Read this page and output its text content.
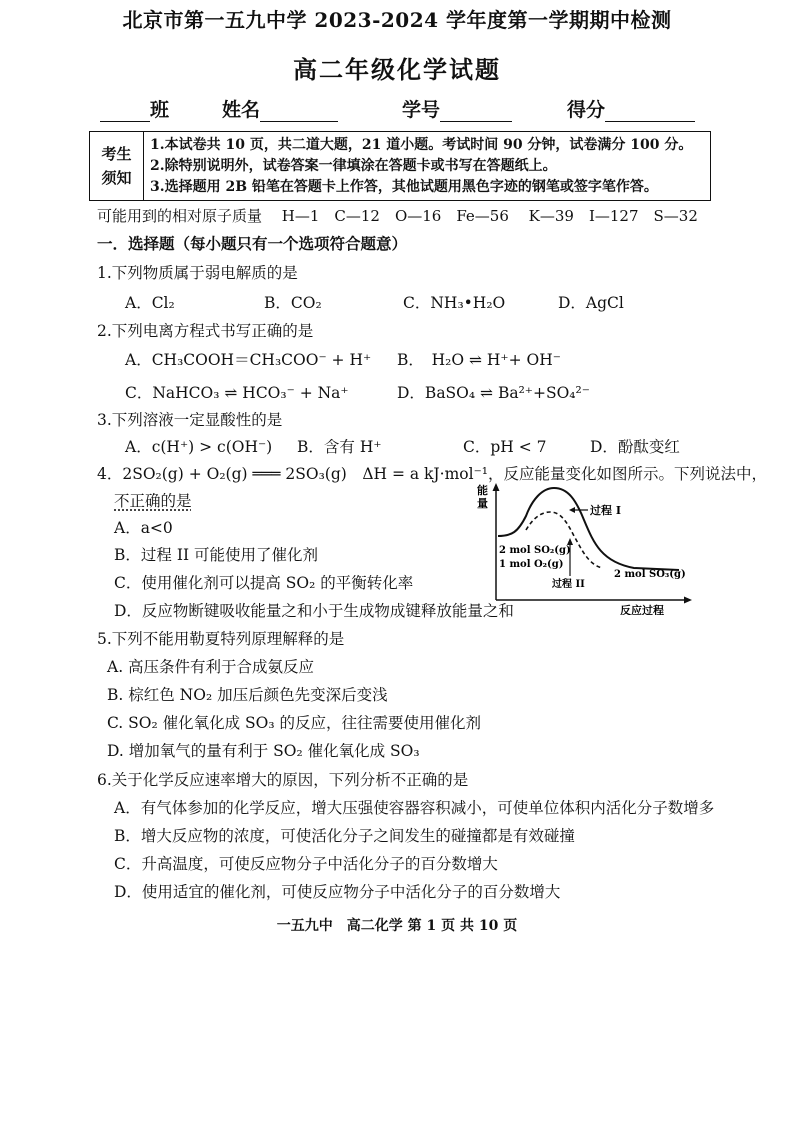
北京市第一五九中学 2023-2024 学年度第一学期期中检测
高二年级化学试题
班	姓名	学号	得分
考生
须知
1.本试卷共 10 页，共二道大题，21 道小题。考试时间 90 分钟，试卷满分 100 分。
2.除特别说明外，试卷答案一律填涂在答题卡或书写在答题纸上。
3.选择题用 2B 铅笔在答题卡上作答，其他试题用黑色字迹的钢笔或签字笔作答。
可能用到的相对原子质量　 H—1　C—12　O—16　Fe—56　 K—39　I—127　S—32
一．选择题（每小题只有一个选项符合题意）
1.下列物质属于弱电解质的是
A．Cl₂	B．CO₂	C．NH₃•H₂O	D．AgCl
2.下列电离方程式书写正确的是
A．CH₃COOH＝CH₃COO⁻ + H⁺ B．　H₂O ⇌ H⁺+ OH⁻
C．NaHCO₃ ⇌ HCO₃⁻ + Na⁺	D．BaSO₄ ⇌ Ba²⁺+SO₄²⁻
3.下列溶液一定显酸性的是
A．c(H⁺) > c(OH⁻) B．含有 H⁺	C．pH < 7	D．酚酞变红
4．2SO₂(g) + O₂(g) ═══ 2SO₃(g)　ΔH = a kJ·mol⁻¹，反应能量变化如图所示。下列说法中，
不正确的是
A．a<0
B．过程 II 可能使用了催化剂
C．使用催化剂可以提高 SO₂ 的平衡转化率
D．反应物断键吸收能量之和小于生成物成键释放能量之和
能
量
过程 I
过程 II
2 mol SO₂(g)
1 mol O₂(g)
2 mol SO₃(g)
反应过程
5.下列不能用勒夏特列原理解释的是
A. 高压条件有利于合成氨反应
B. 棕红色 NO₂ 加压后颜色先变深后变浅
C. SO₂ 催化氧化成 SO₃ 的反应，往往需要使用催化剂
D. 增加氧气的量有利于 SO₂ 催化氧化成 SO₃
6.关于化学反应速率增大的原因，下列分析不正确的是
A．有气体参加的化学反应，增大压强使容器容积减小，可使单位体积内活化分子数增多
B．增大反应物的浓度，可使活化分子之间发生的碰撞都是有效碰撞
C．升高温度，可使反应物分子中活化分子的百分数增大
D．使用适宜的催化剂，可使反应物分子中活化分子的百分数增大
一五九中　高二化学 第 1 页 共 10 页
